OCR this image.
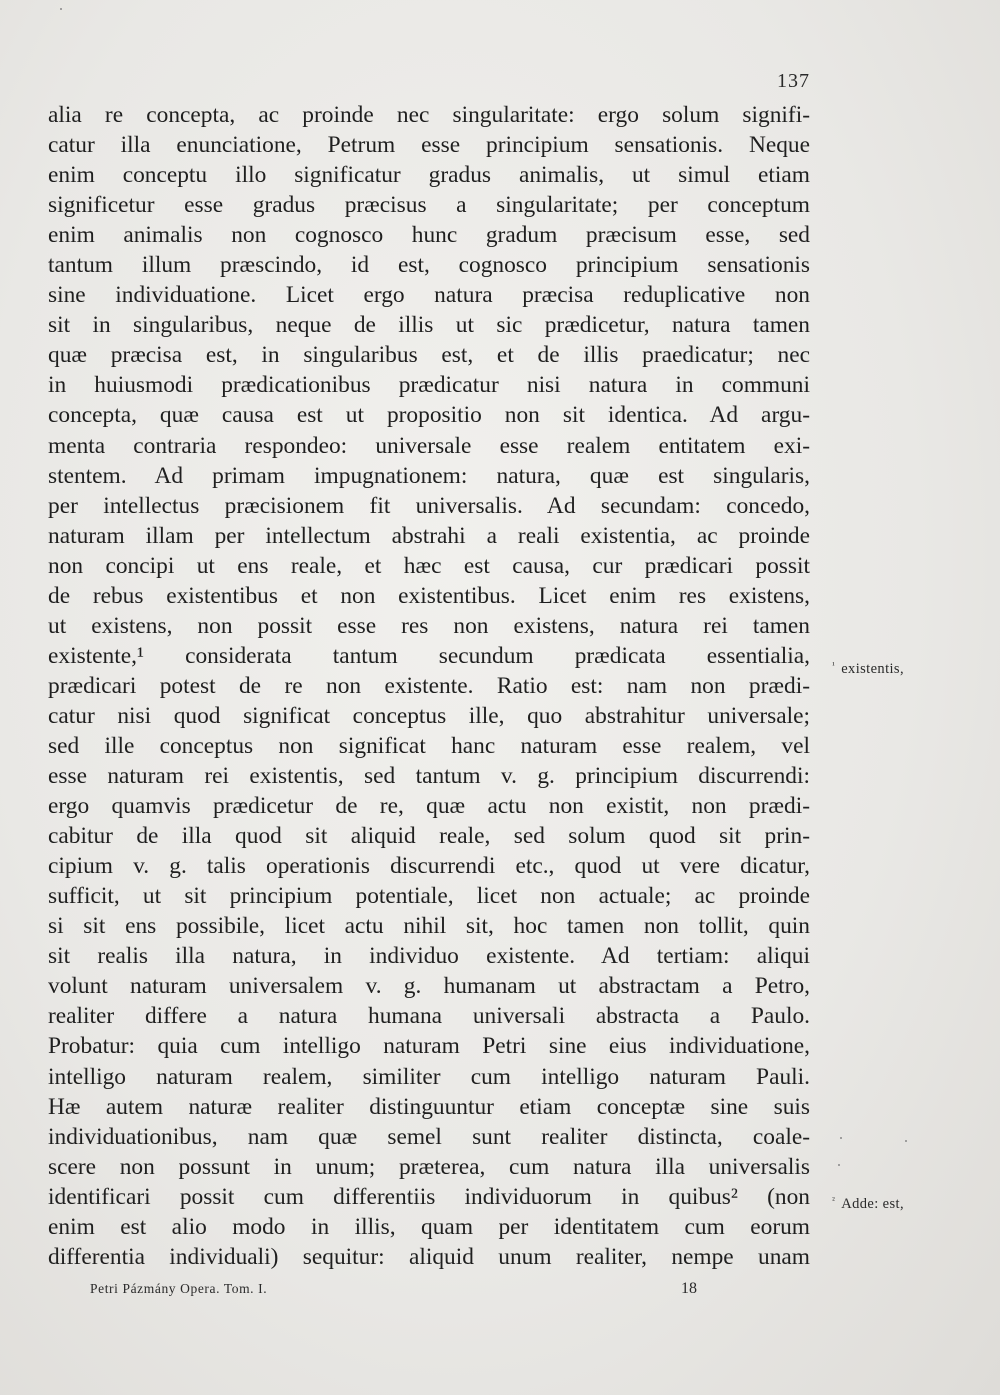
137
alia re concepta, ac proinde nec singularitate: ergo solum signifi-
catur illa enunciatione, Petrum esse principium sensationis. Neque
enim conceptu illo significatur gradus animalis, ut simul etiam
significetur esse gradus præcisus a singularitate; per conceptum
enim animalis non cognosco hunc gradum præcisum esse, sed
tantum illum præscindo, id est, cognosco principium sensationis
sine individuatione. Licet ergo natura præcisa reduplicative non
sit in singularibus, neque de illis ut sic prædicetur, natura tamen
quæ præcisa est, in singularibus est, et de illis praedicatur; nec
in huiusmodi prædicationibus prædicatur nisi natura in communi
concepta, quæ causa est ut propositio non sit identica. Ad argu-
menta contraria respondeo: universale esse realem entitatem exi-
stentem. Ad primam impugnationem: natura, quæ est singularis,
per intellectus præcisionem fit universalis. Ad secundam: concedo,
naturam illam per intellectum abstrahi a reali existentia, ac proinde
non concipi ut ens reale, et hæc est causa, cur prædicari possit
de rebus existentibus et non existentibus. Licet enim res existens,
ut existens, non possit esse res non existens, natura rei tamen
existente,¹ considerata tantum secundum prædicata essentialia,
prædicari potest de re non existente. Ratio est: nam non prædi-
catur nisi quod significat conceptus ille, quo abstrahitur universale;
sed ille conceptus non significat hanc naturam esse realem, vel
esse naturam rei existentis, sed tantum v. g. principium discurrendi:
ergo quamvis prædicetur de re, quæ actu non existit, non prædi-
cabitur de illa quod sit aliquid reale, sed solum quod sit prin-
cipium v. g. talis operationis discurrendi etc., quod ut vere dicatur,
sufficit, ut sit principium potentiale, licet non actuale; ac proinde
si sit ens possibile, licet actu nihil sit, hoc tamen non tollit, quin
sit realis illa natura, in individuo existente. Ad tertiam: aliqui
volunt naturam universalem v. g. humanam ut abstractam a Petro,
realiter differe a natura humana universali abstracta a Paulo.
Probatur: quia cum intelligo naturam Petri sine eius individuatione,
intelligo naturam realem, similiter cum intelligo naturam Pauli.
Hæ autem naturæ realiter distinguuntur etiam conceptæ sine suis
individuationibus, nam quæ semel sunt realiter distincta, coale-
scere non possunt in unum; præterea, cum natura illa universalis
identificari possit cum differentiis individuorum in quibus² (non
enim est alio modo in illis, quam per identitatem cum eorum
differentia individuali) sequitur: aliquid unum realiter, nempe unam
$^{^1}$ existentis,
$^{^2}$ Adde: est,
Petri Pázmány Opera. Tom. I.	18
